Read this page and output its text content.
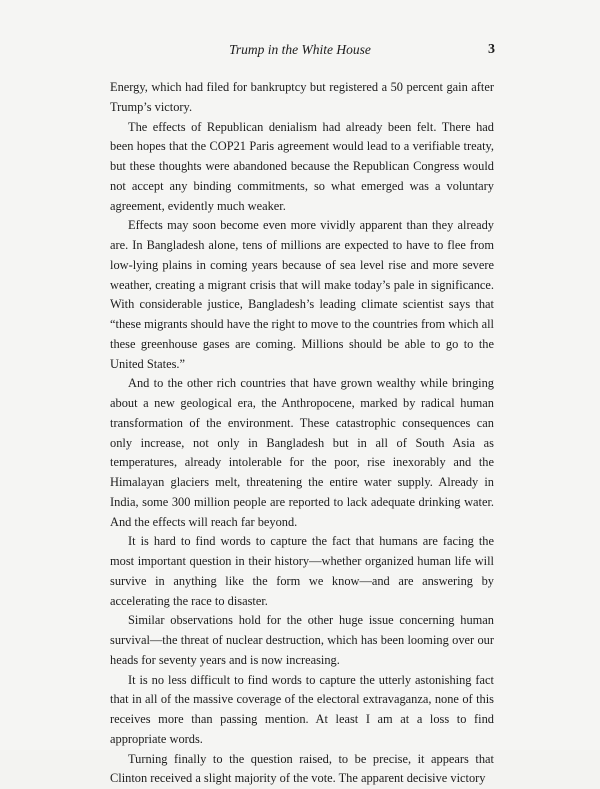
Trump in the White House	3

Energy, which had filed for bankruptcy but registered a 50 percent gain after Trump’s victory.

The effects of Republican denialism had already been felt. There had been hopes that the COP21 Paris agreement would lead to a verifiable treaty, but these thoughts were abandoned because the Republican Congress would not accept any binding commitments, so what emerged was a voluntary agreement, evidently much weaker.

Effects may soon become even more vividly apparent than they already are. In Bangladesh alone, tens of millions are expected to have to flee from low-lying plains in coming years because of sea level rise and more severe weather, creating a migrant crisis that will make today’s pale in significance. With considerable justice, Bangladesh’s leading climate scientist says that “these migrants should have the right to move to the countries from which all these greenhouse gases are coming. Millions should be able to go to the United States.”

And to the other rich countries that have grown wealthy while bringing about a new geological era, the Anthropocene, marked by radical human transformation of the environment. These catastrophic consequences can only increase, not only in Bangladesh but in all of South Asia as temperatures, already intolerable for the poor, rise inexorably and the Himalayan glaciers melt, threatening the entire water supply. Already in India, some 300 million people are reported to lack adequate drinking water. And the effects will reach far beyond.

It is hard to find words to capture the fact that humans are facing the most important question in their history—whether organized human life will survive in anything like the form we know—and are answering by accelerating the race to disaster.

Similar observations hold for the other huge issue concerning human survival—the threat of nuclear destruction, which has been looming over our heads for seventy years and is now increasing.

It is no less difficult to find words to capture the utterly astonishing fact that in all of the massive coverage of the electoral extravaganza, none of this receives more than passing mention. At least I am at a loss to find appropriate words.

Turning finally to the question raised, to be precise, it appears that Clinton received a slight majority of the vote. The apparent decisive victory
